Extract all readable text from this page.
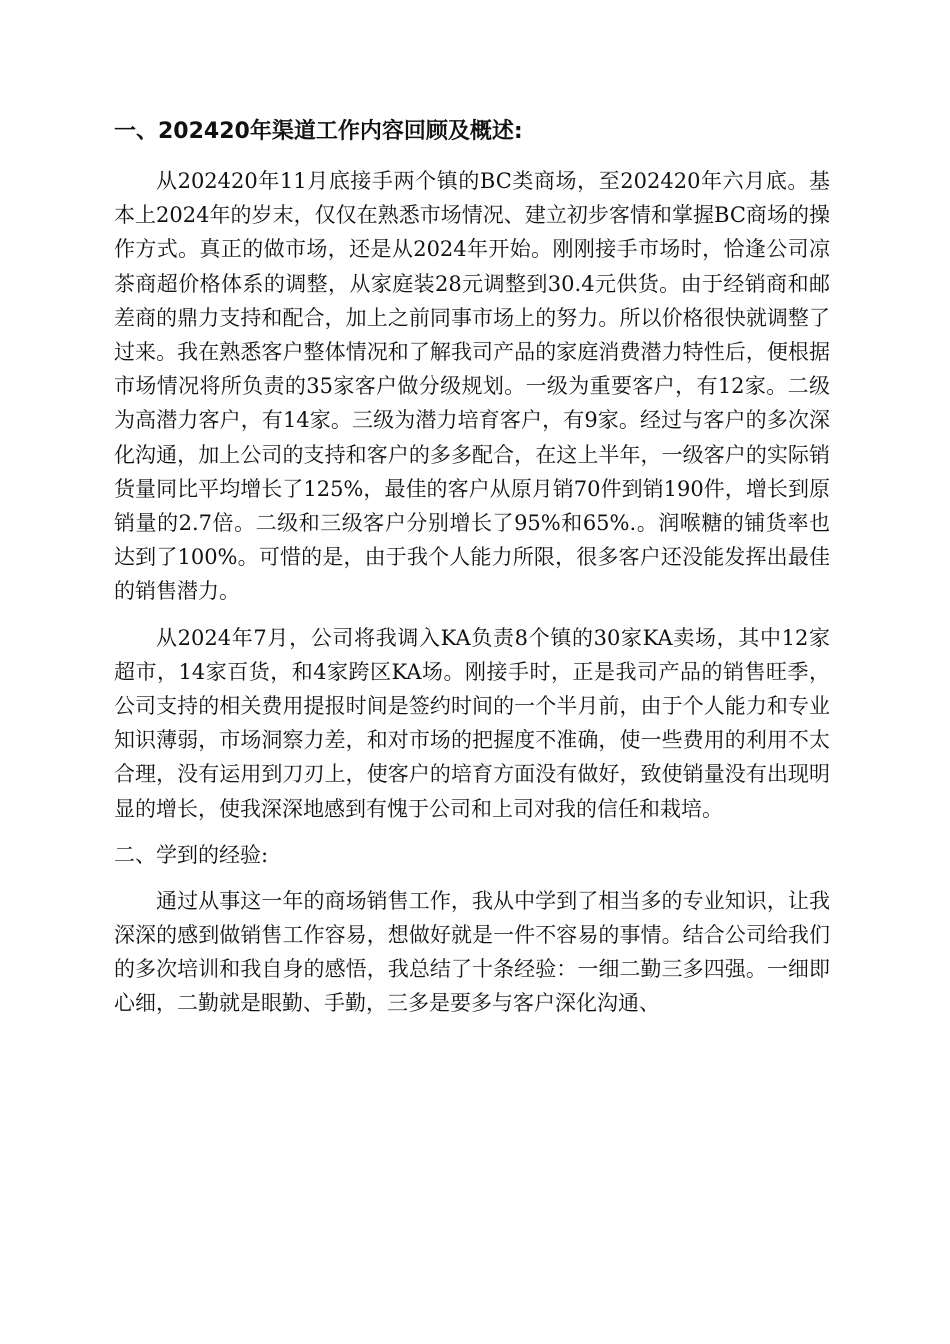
一、202420年渠道工作内容回顾及概述:

从202420年11月底接手两个镇的BC类商场，至202420年六月底。基本上2024年的岁末，仅仅在熟悉市场情况、建立初步客情和掌握BC商场的操作方式。真正的做市场，还是从2024年开始。刚刚接手市场时，恰逢公司凉茶商超价格体系的调整，从家庭装28元调整到30.4元供货。由于经销商和邮差商的鼎力支持和配合，加上之前同事市场上的努力。所以价格很快就调整了过来。我在熟悉客户整体情况和了解我司产品的家庭消费潜力特性后，便根据市场情况将所负责的35家客户做分级规划。一级为重要客户，有12家。二级为高潜力客户，有14家。三级为潜力培育客户，有9家。经过与客户的多次深化沟通，加上公司的支持和客户的多多配合，在这上半年，一级客户的实际销货量同比平均增长了125%，最佳的客户从原月销70件到销190件，增长到原销量的2.7倍。二级和三级客户分别增长了95%和65%.。润喉糖的铺货率也达到了100%。可惜的是，由于我个人能力所限，很多客户还没能发挥出最佳的销售潜力。

从2024年7月，公司将我调入KA负责8个镇的30家KA卖场，其中12家超市，14家百货，和4家跨区KA场。刚接手时，正是我司产品的销售旺季，公司支持的相关费用提报时间是签约时间的一个半月前，由于个人能力和专业知识薄弱，市场洞察力差，和对市场的把握度不准确，使一些费用的利用不太合理，没有运用到刀刃上，使客户的培育方面没有做好，致使销量没有出现明显的增长，使我深深地感到有愧于公司和上司对我的信任和栽培。

二、学到的经验:

通过从事这一年的商场销售工作，我从中学到了相当多的专业知识，让我深深的感到做销售工作容易，想做好就是一件不容易的事情。结合公司给我们的多次培训和我自身的感悟，我总结了十条经验：一细二勤三多四强。一细即心细，二勤就是眼勤、手勤，三多是要多与客户深化沟通、
